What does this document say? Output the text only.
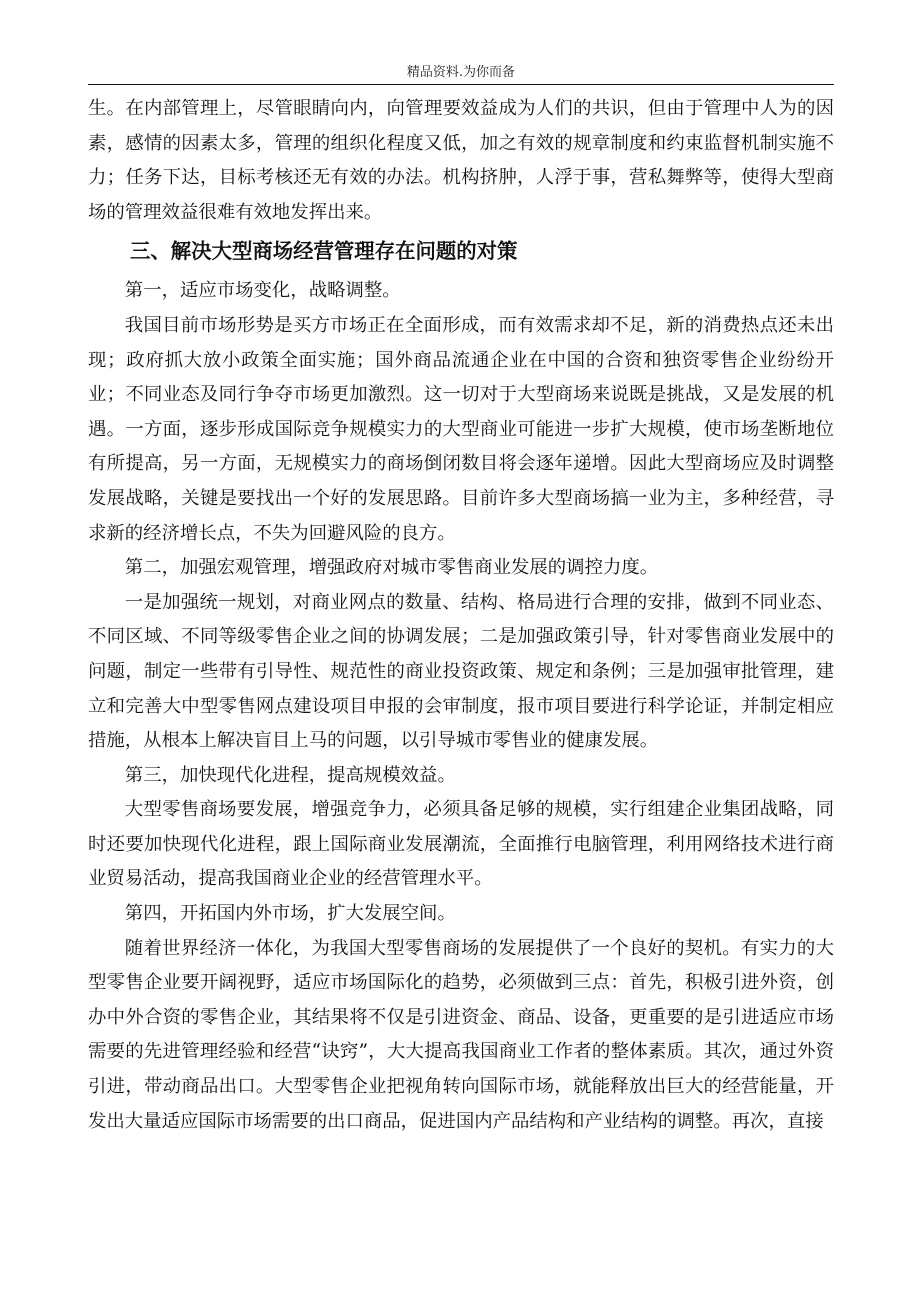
精品资料.为你而备

生。在内部管理上，尽管眼睛向内，向管理要效益成为人们的共识，但由于管理中人为的因素，感情的因素太多，管理的组织化程度又低，加之有效的规章制度和约束监督机制实施不力；任务下达，目标考核还无有效的办法。机构挤肿，人浮于事，营私舞弊等，使得大型商场的管理效益很难有效地发挥出来。

三、解决大型商场经营管理存在问题的对策

第一，适应市场变化，战略调整。

我国目前市场形势是买方市场正在全面形成，而有效需求却不足，新的消费热点还未出现；政府抓大放小政策全面实施；国外商品流通企业在中国的合资和独资零售企业纷纷开业；不同业态及同行争夺市场更加激烈。这一切对于大型商场来说既是挑战，又是发展的机遇。一方面，逐步形成国际竞争规模实力的大型商业可能进一步扩大规模，使市场垄断地位有所提高，另一方面，无规模实力的商场倒闭数目将会逐年递增。因此大型商场应及时调整发展战略，关键是要找出一个好的发展思路。目前许多大型商场搞一业为主，多种经营，寻求新的经济增长点，不失为回避风险的良方。

第二，加强宏观管理，增强政府对城市零售商业发展的调控力度。

一是加强统一规划，对商业网点的数量、结构、格局进行合理的安排，做到不同业态、不同区域、不同等级零售企业之间的协调发展；二是加强政策引导，针对零售商业发展中的问题，制定一些带有引导性、规范性的商业投资政策、规定和条例；三是加强审批管理，建立和完善大中型零售网点建设项目申报的会审制度，报市项目要进行科学论证，并制定相应措施，从根本上解决盲目上马的问题，以引导城市零售业的健康发展。

第三，加快现代化进程，提高规模效益。

大型零售商场要发展，增强竞争力，必须具备足够的规模，实行组建企业集团战略，同时还要加快现代化进程，跟上国际商业发展潮流，全面推行电脑管理，利用网络技术进行商业贸易活动，提高我国商业企业的经营管理水平。

第四，开拓国内外市场，扩大发展空间。

随着世界经济一体化，为我国大型零售商场的发展提供了一个良好的契机。有实力的大型零售企业要开阔视野，适应市场国际化的趋势，必须做到三点：首先，积极引进外资，创办中外合资的零售企业，其结果将不仅是引进资金、商品、设备，更重要的是引进适应市场需要的先进管理经验和经营“诀窍”，大大提高我国商业工作者的整体素质。其次，通过外资引进，带动商品出口。大型零售企业把视角转向国际市场，就能释放出巨大的经营能量，开发出大量适应国际市场需要的出口商品，促进国内产品结构和产业结构的调整。再次，直接
